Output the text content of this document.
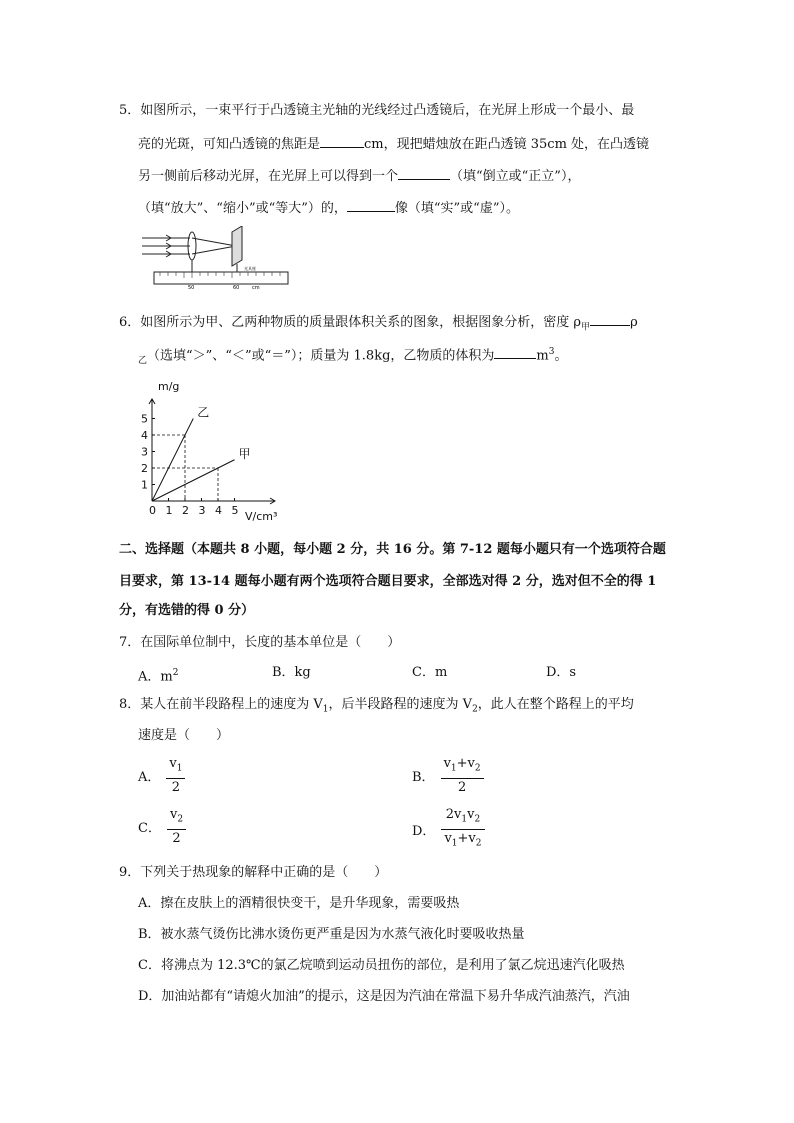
5．如图所示，一束平行于凸透镜主光轴的光线经过凸透镜后，在光屏上形成一个最小、最
亮的光斑，可知凸透镜的焦距是	cm，现把蜡烛放在距凸透镜 35cm 处，在凸透镜
另一侧前后移动光屏，在光屏上可以得到一个	（填“倒立或“正立”），
（填“放大”、“缩小”或“等大”）的，	像（填“实”或“虚”）。
50	60	cm
光具座
6．如图所示为甲、乙两种物质的质量跟体积关系的图象，根据图象分析，密度 $\rho_甲$	ρ
$_乙$（选填“＞”、“＜”或“＝”）；质量为 1.8kg，乙物质的体积为	$m^3$。
0 1 2 3 4 5
1
2
3
4
5	乙
甲
m/g
V/cm³
二、选择题（本题共 8 小题，每小题 2 分，共 16 分。第 7-12 题每小题只有一个选项符合题
目要求，第 13-14 题每小题有两个选项符合题目要求，全部选对得 2 分，选对但不全的得 1
分，有选错的得 0 分）
7．在国际单位制中，长度的基本单位是（　　）
A．$m^2$	B．kg	C．m	D．s
8．某人在前半段路程上的速度为 $V_1$，后半段路程的速度为 $V_2$，此人在整个路程上的平均
速度是（　　）
A． $\frac{v_1}{2}$	B． $\frac{v_1+v_2}{2}$
C． $\frac{v_2}{2}$	D． $\frac{2v_1v_2}{v_1+v_2}$
9．下列关于热现象的解释中正确的是（　　）
A．擦在皮肤上的酒精很快变干，是升华现象，需要吸热
B．被水蒸气烫伤比沸水烫伤更严重是因为水蒸气液化时要吸收热量
C．将沸点为 12.3℃的氯乙烷喷到运动员扭伤的部位，是利用了氯乙烷迅速汽化吸热
D．加油站都有“请熄火加油”的提示，这是因为汽油在常温下易升华成汽油蒸汽，汽油
